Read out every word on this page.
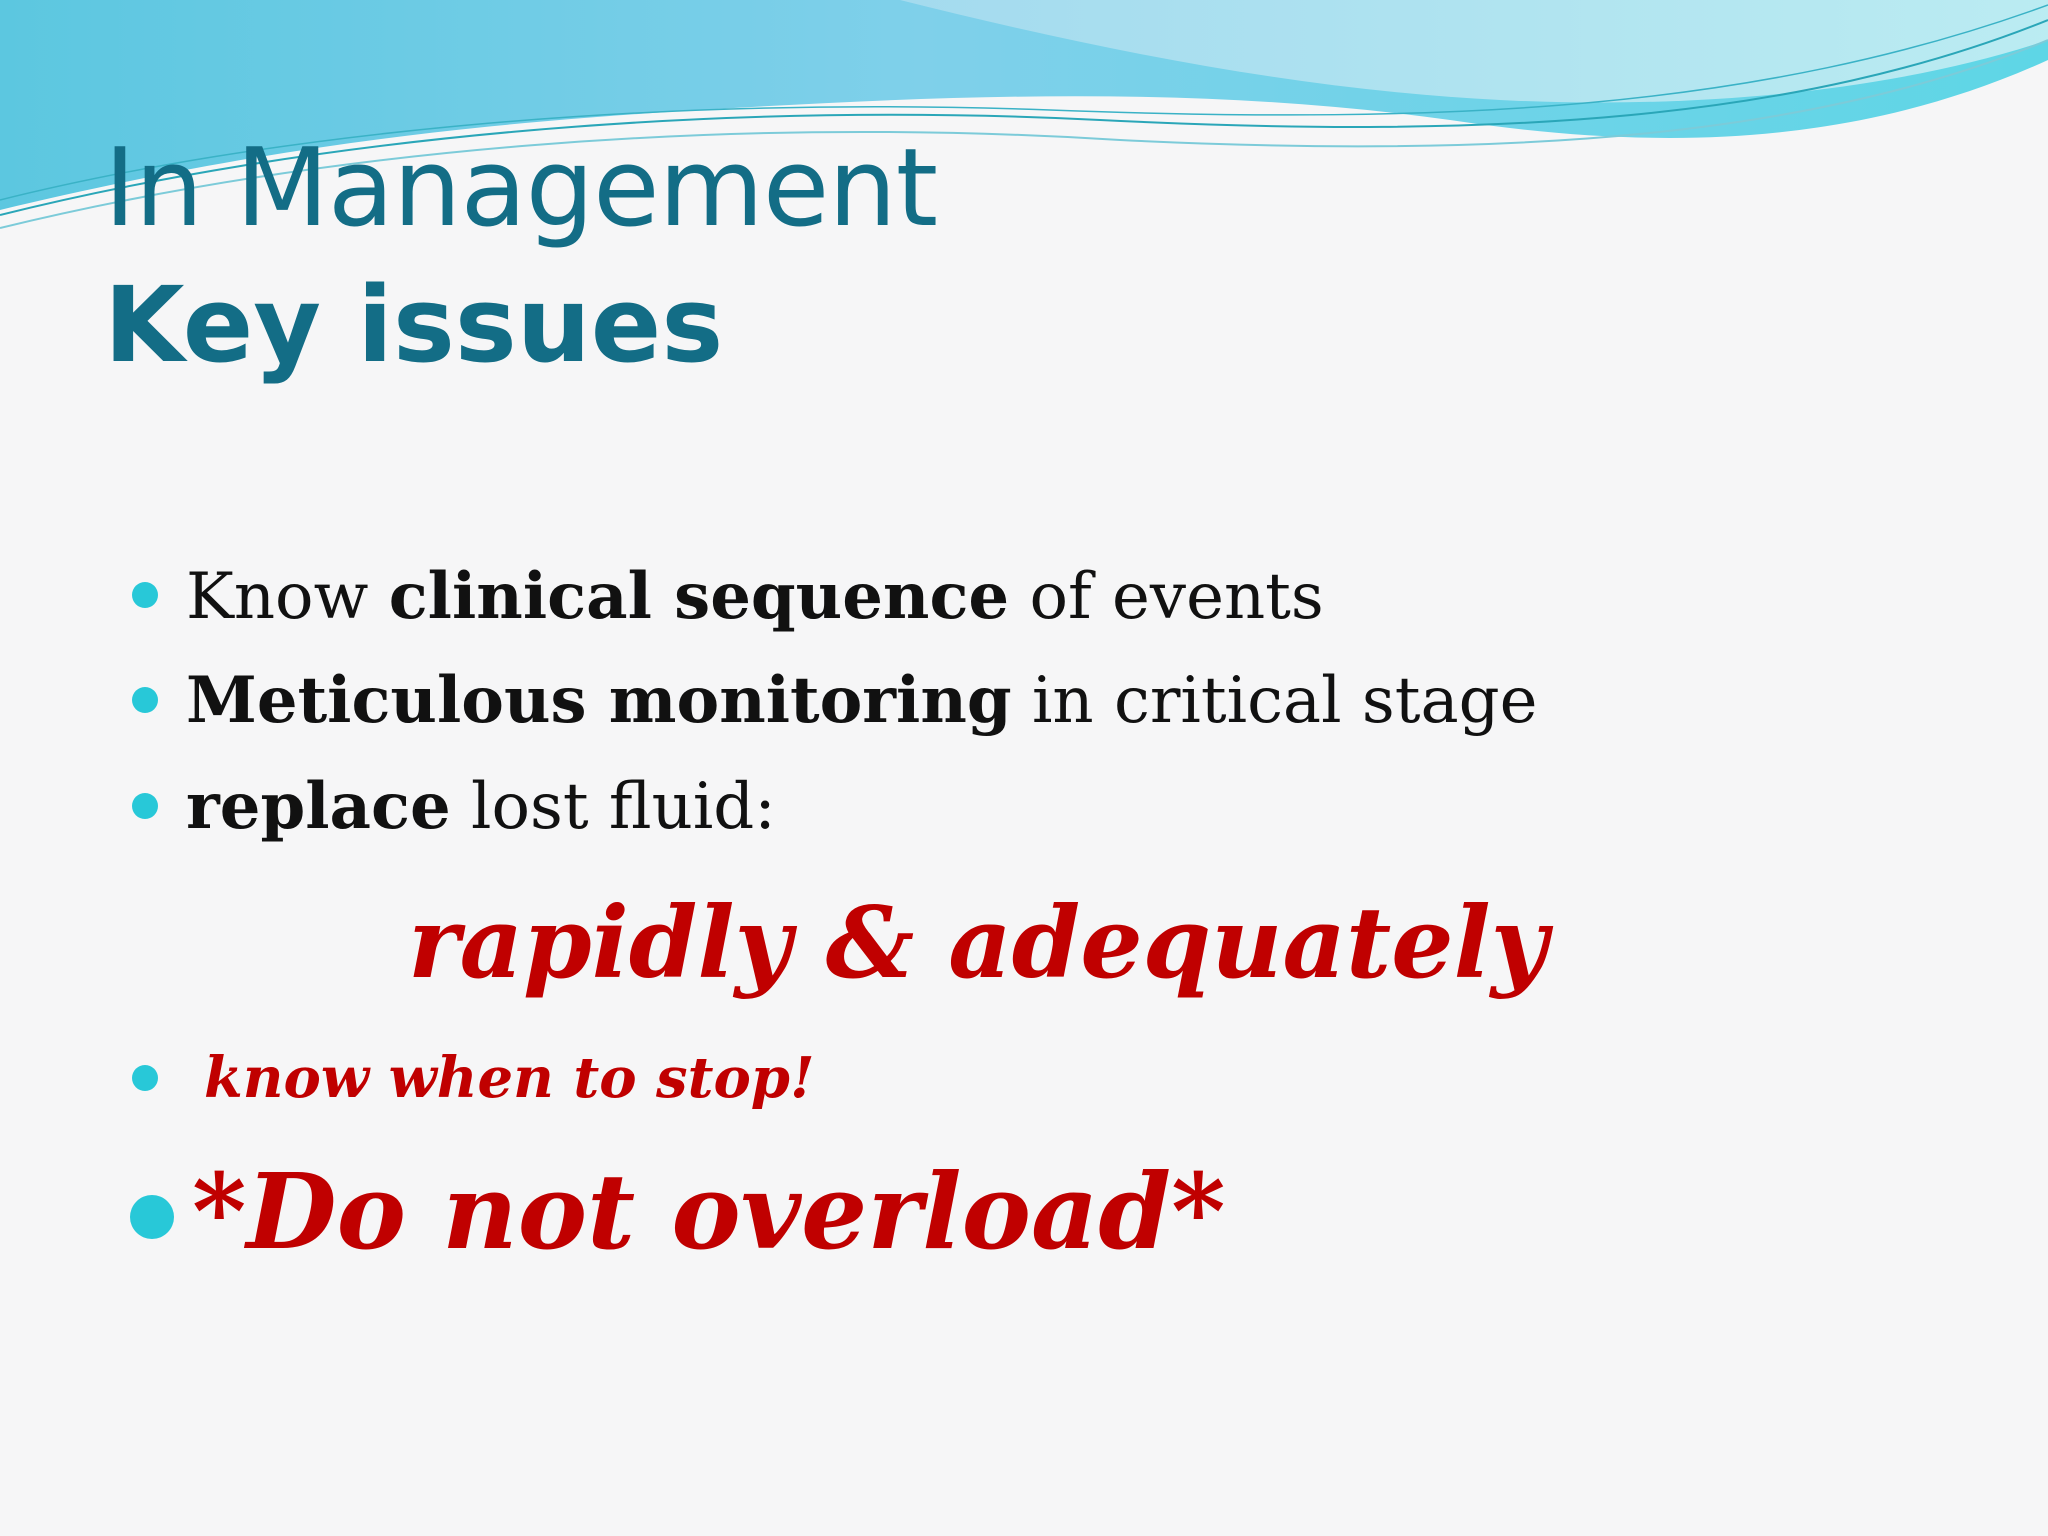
In Management
Key issues
Know clinical sequence of events
Meticulous monitoring in critical stage
replace lost fluid:
rapidly & adequately
know when to stop!
*Do not overload*
